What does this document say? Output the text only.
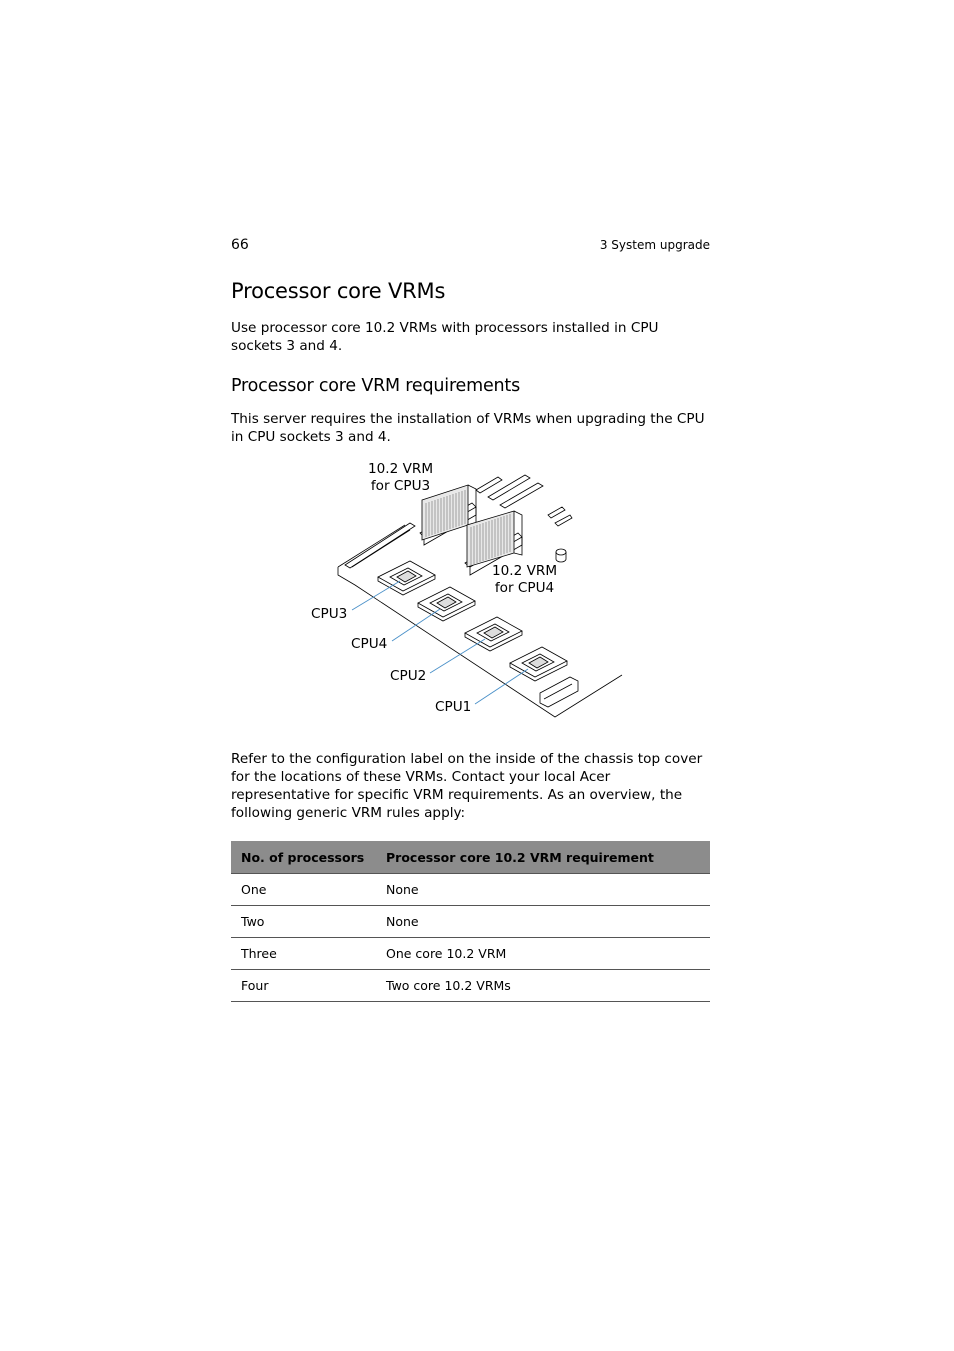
66	3 System upgrade
Processor core VRMs

Use processor core 10.2 VRMs with processors installed in CPU sockets 3 and 4.

Processor core VRM requirements

This server requires the installation of VRMs when upgrading the CPU in CPU sockets 3 and 4.

10.2 VRM
for CPU3
10.2 VRM
for CPU4
CPU3
CPU4
CPU2
CPU1

Refer to the configuration label on the inside of the chassis top cover for the locations of these VRMs. Contact your local Acer representative for specific VRM requirements. As an overview, the following generic VRM rules apply:

No. of processors	Processor core 10.2 VRM requirement
One	None
Two	None
Three	One core 10.2 VRM
Four	Two core 10.2 VRMs
